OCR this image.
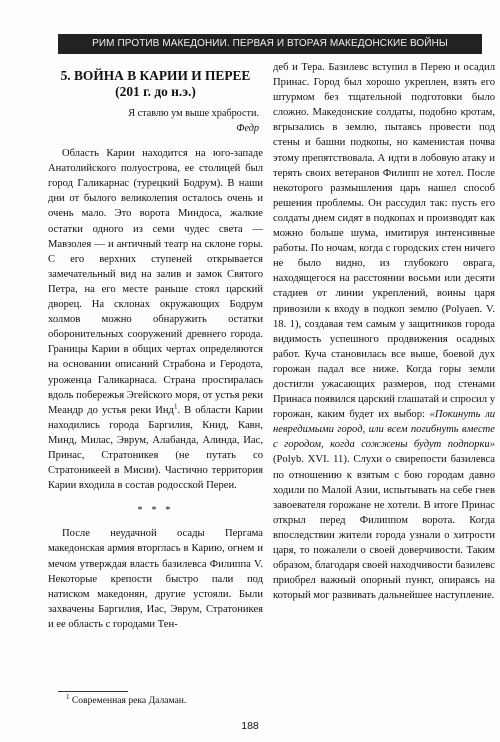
РИМ ПРОТИВ МАКЕДОНИИ. ПЕРВАЯ И ВТОРАЯ МАКЕДОНСКИЕ ВОЙНЫ
5. ВОЙНА В КАРИИ И ПЕРЕЕ
(201 г. до н.э.)
Я ставлю ум выше храбрости.
Федр

Область Карии находится на юго-западе Анатолийского полуострова, ее столицей был город Галикарнас (турецкий Бодрум). В наши дни от былого великолепия осталось очень и очень мало. Это ворота Миндоса, жалкие остатки одного из семи чудес света — Мавзолея — и античный театр на склоне горы. С его верхних ступеней открывается замечательный вид на залив и замок Святого Петра, на его месте раньше стоял царский дворец. На склонах окружающих Бодрум холмов можно обнаружить остатки оборонительных сооружений древнего города. Границы Карии в общих чертах определяются на основании описаний Страбона и Геродота, уроженца Галикарнаса. Страна простиралась вдоль побережья Эгейского моря, от устья реки Меандр до устья реки Инд$^1$. В области Карии находились города Баргилия, Книд, Кавн, Минд, Милас, Эврум, Алабанда, Алинда, Иас, Принас, Стратоникея (не путать со Стратоникеей в Мисии). Частично территория Карии входила в состав родосской Переи.

* * *

После неудачной осады Пергама македонская армия вторглась в Карию, огнем и мечом утверждая власть базилевса Филиппа V. Некоторые крепости быстро пали под натиском македонян, другие устояли. Были захвачены Баргилия, Иас, Эврум, Стратоникея и ее область с городами Тен-

деб и Тера. Базилевс вступил в Перею и осадил Принас. Город был хорошо укреплен, взять его штурмом без тщательной подготовки было сложно. Македонские солдаты, подобно кротам, вгрызались в землю, пытаясь провести под стены и башни подкопы, но каменистая почва этому препятствовала. А идти в лобовую атаку и терять своих ветеранов Филипп не хотел. После некоторого размышления царь нашел способ решения проблемы. Он рассудил так: пусть его солдаты днем сидят в подкопах и производят как можно больше шума, имитируя интенсивные работы. По ночам, когда с городских стен ничего не было видно, из глубокого оврага, находящегося на расстоянии восьми или десяти стадиев от линии укреплений, воины царя привозили к входу в подкоп землю (Polyaen. V. 18. 1), создавая тем самым у защитников города видимость успешного продвижения осадных работ. Куча становилась все выше, боевой дух горожан падал все ниже. Когда горы земли достигли ужасающих размеров, под стенами Принаса появился царский глашатай и спросил у горожан, каким будет их выбор: «Покинуть ли невредимыми город, или всем погибнуть вместе с городом, когда сожжены будут подпорки» (Polyb. XVI. 11). Слухи о свирепости базилевса по отношению к взятым с бою городам давно ходили по Малой Азии, испытывать на себе гнев завоевателя горожане не хотели. В итоге Принас открыл перед Филиппом ворота. Когда впоследствии жители города узнали о хитрости царя, то пожалели о своей доверчивости. Таким образом, благодаря своей находчивости базилевс приобрел важный опорный пункт, опираясь на который мог развивать дальнейшее наступление.

$^1$ Современная река Даламан.
188
